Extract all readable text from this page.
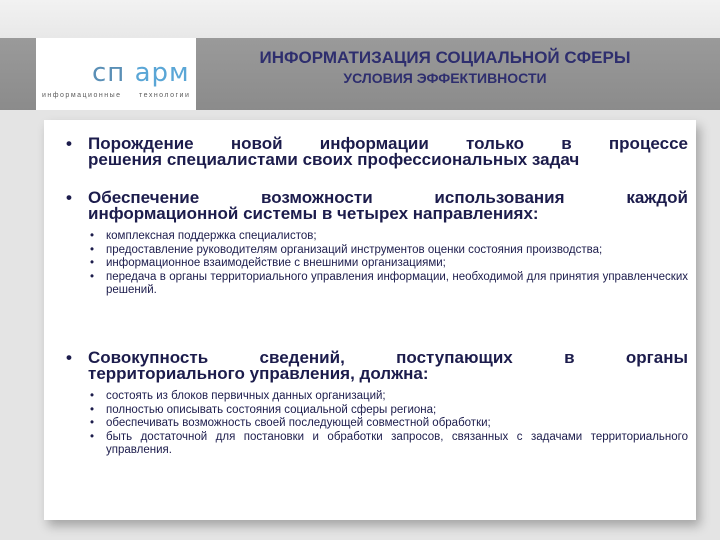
сп арм
информационные технологии
ИНФОРМАТИЗАЦИЯ СОЦИАЛЬНОЙ СФЕРЫ
УСЛОВИЯ ЭФФЕКТИВНОСТИ
• Порождение новой информации только в процессе
решения специалистами своих профессиональных задач
• Обеспечение возможности использования каждой
информационной системы в четырех направлениях:
• комплексная поддержка специалистов;
• предоставление руководителям организаций инструментов оценки состояния производства;
• информационное взаимодействие с внешними организациями;
• передача в органы территориального управления информации, необходимой для принятия управленческих решений.
• Совокупность сведений, поступающих в органы
территориального управления, должна:
• состоять из блоков первичных данных организаций;
• полностью описывать состояния социальной сферы региона;
• обеспечивать возможность своей последующей совместной обработки;
• быть достаточной для постановки и обработки запросов, связанных с задачами территориального управления.
